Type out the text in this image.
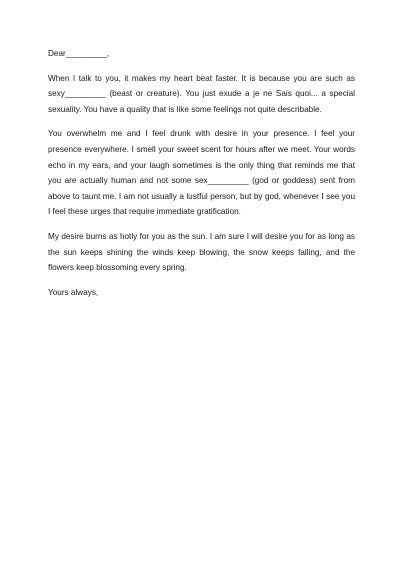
Dear_________,

When I talk to you, it makes my heart beat faster. It is because you are such as sexy_________ (beast or creature). You just exude a je ne Sais quoi... a special sexuality. You have a quality that is like some feelings not quite describable.

You overwhelm me and I feel drunk with desire in your presence. I feel your presence everywhere. I smell your sweet scent for hours after we meet. Your words echo in my ears, and your laugh sometimes is the only thing that reminds me that you are actually human and not some sex_________ (god or goddess) sent from above to taunt me. I am not usually a lustful person, but by god, whenever I see you I feel these urges that require immediate gratification.

My desire burns as hotly for you as the sun. I am sure I will desire you for as long as the sun keeps shining the winds keep blowing, the snow keeps falling, and the flowers keep blossoming every spring.

Yours always,
